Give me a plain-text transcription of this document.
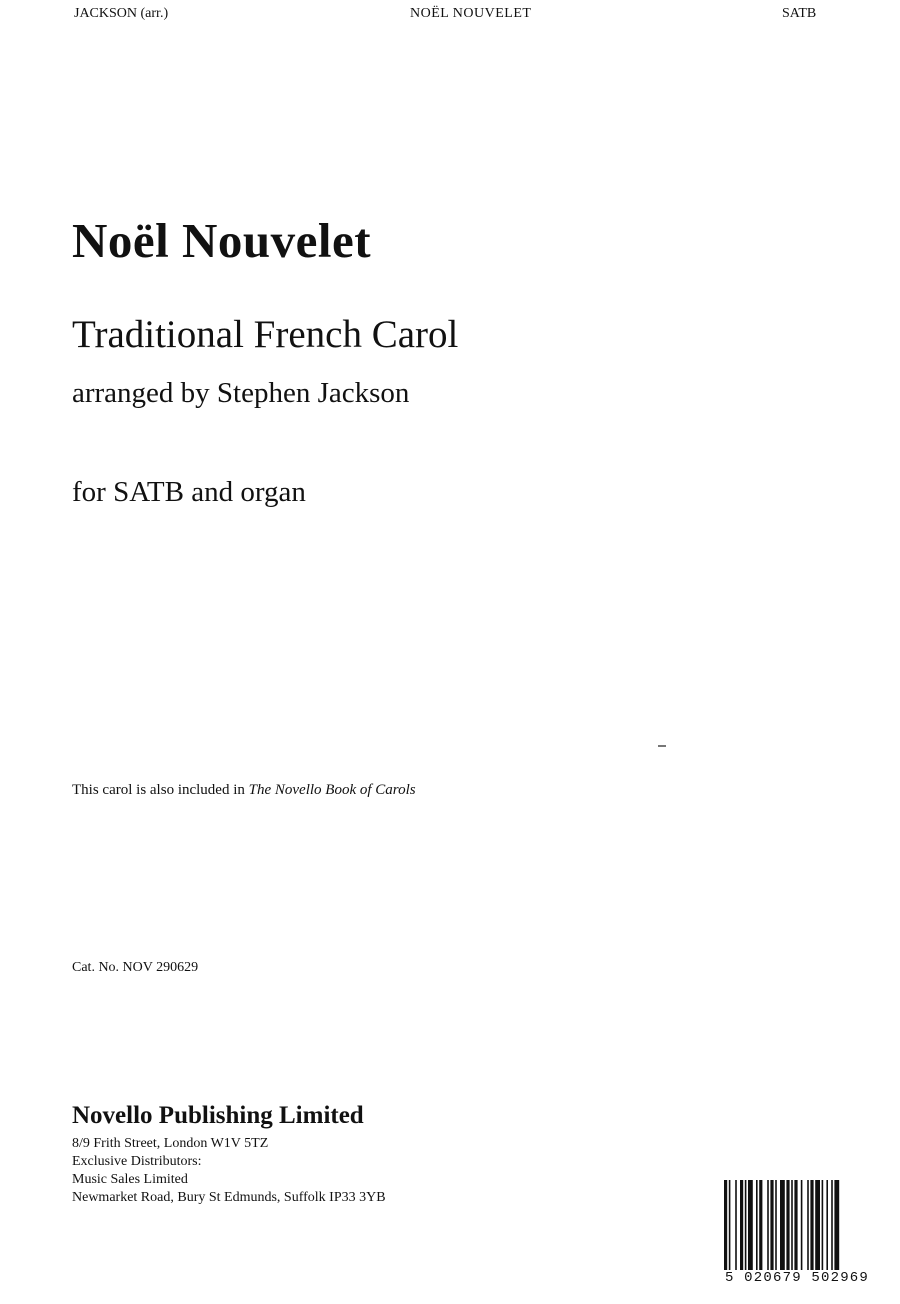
JACKSON (arr.)	NOËL NOUVELET	SATB
Noël Nouvelet
Traditional French Carol
arranged by Stephen Jackson
for SATB and organ
This carol is also included in The Novello Book of Carols
Cat. No. NOV 290629
Novello Publishing Limited
8/9 Frith Street, London W1V 5TZ
Exclusive Distributors:
Music Sales Limited
Newmarket Road, Bury St Edmunds, Suffolk IP33 3YB
5 020679 502969
